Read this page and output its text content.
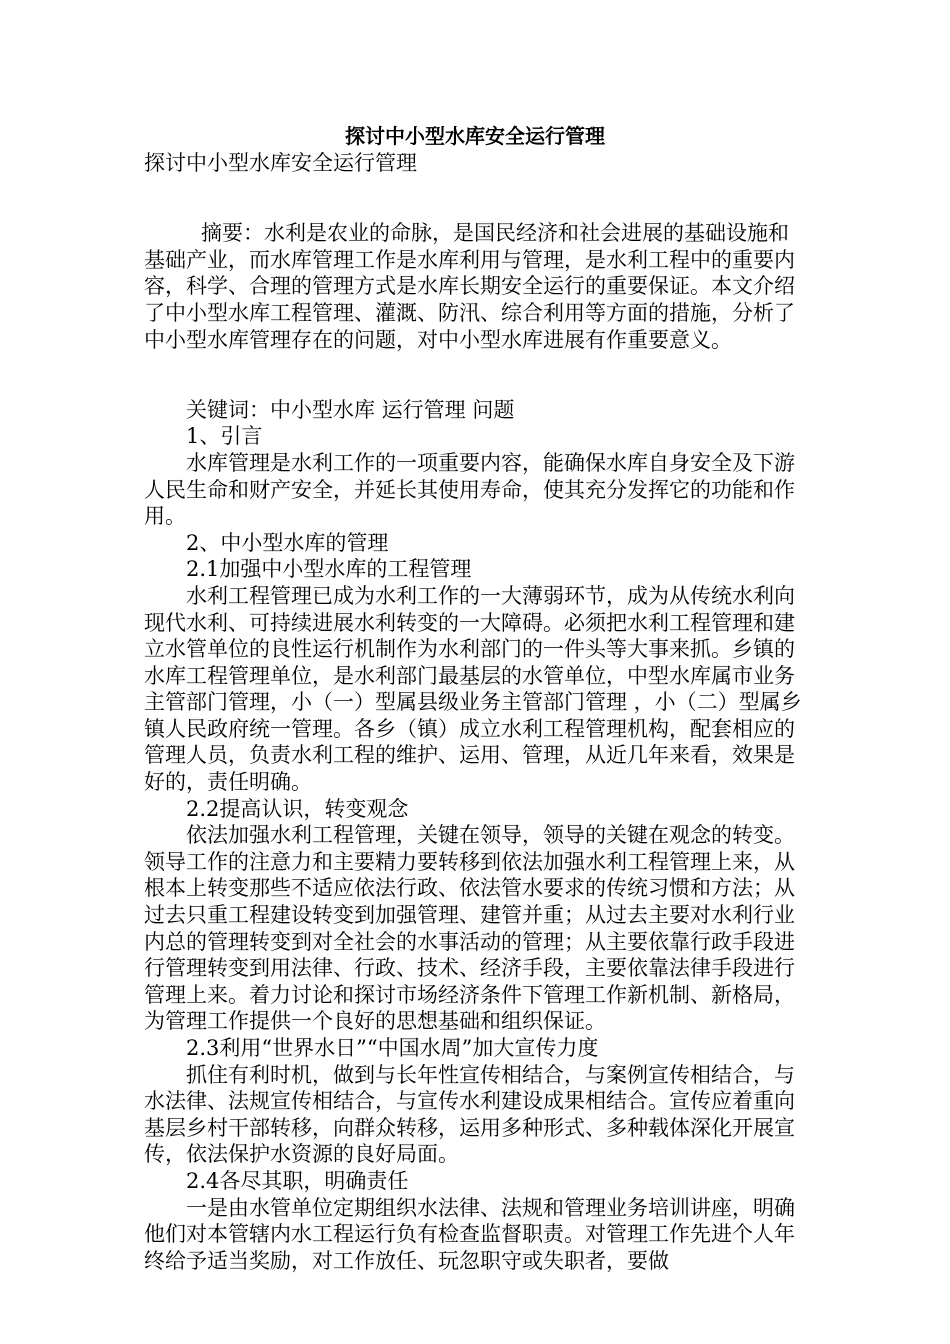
探讨中小型水库安全运行管理

探讨中小型水库安全运行管理

摘要：水利是农业的命脉，是国民经济和社会进展的基础设施和基础产业，而水库管理工作是水库利用与管理，是水利工程中的重要内容，科学、合理的管理方式是水库长期安全运行的重要保证。本文介绍了中小型水库工程管理、灌溉、防汛、综合利用等方面的措施，分析了中小型水库管理存在的问题，对中小型水库进展有作重要意义。

关键词：中小型水库 运行管理 问题

1、引言

水库管理是水利工作的一项重要内容，能确保水库自身安全及下游人民生命和财产安全，并延长其使用寿命，使其充分发挥它的功能和作用。

2、中小型水库的管理

2.1加强中小型水库的工程管理

水利工程管理已成为水利工作的一大薄弱环节，成为从传统水利向现代水利、可持续进展水利转变的一大障碍。必须把水利工程管理和建立水管单位的良性运行机制作为水利部门的一件头等大事来抓。乡镇的水库工程管理单位，是水利部门最基层的水管单位，中型水库属市业务主管部门管理，小（一）型属县级业务主管部门管理 ，小（二）型属乡镇人民政府统一管理。各乡（镇）成立水利工程管理机构，配套相应的管理人员，负责水利工程的维护、运用、管理，从近几年来看，效果是好的，责任明确。

2.2提高认识，转变观念

依法加强水利工程管理，关键在领导，领导的关键在观念的转变。领导工作的注意力和主要精力要转移到依法加强水利工程管理上来，从根本上转变那些不适应依法行政、依法管水要求的传统习惯和方法；从过去只重工程建设转变到加强管理、建管并重；从过去主要对水利行业内总的管理转变到对全社会的水事活动的管理；从主要依靠行政手段进行管理转变到用法律、行政、技术、经济手段，主要依靠法律手段进行管理上来。着力讨论和探讨市场经济条件下管理工作新机制、新格局，为管理工作提供一个良好的思想基础和组织保证。

2.3利用“世界水日”“中国水周”加大宣传力度

抓住有利时机，做到与长年性宣传相结合，与案例宣传相结合，与水法律、法规宣传相结合，与宣传水利建设成果相结合。宣传应着重向基层乡村干部转移，向群众转移，运用多种形式、多种载体深化开展宣传，依法保护水资源的良好局面。

2.4各尽其职，明确责任

一是由水管单位定期组织水法律、法规和管理业务培训讲座，明确他们对本管辖内水工程运行负有检查监督职责。对管理工作先进个人年终给予适当奖励，对工作放任、玩忽职守或失职者，要做
